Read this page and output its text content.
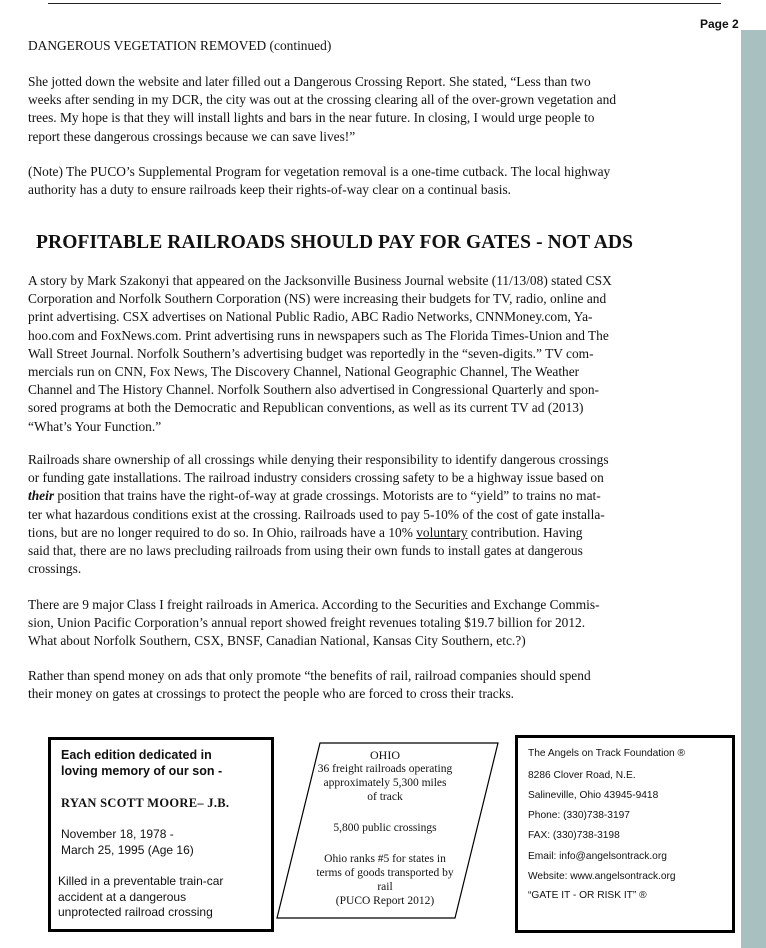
Page 2

DANGEROUS VEGETATION REMOVED (continued)

She jotted down the website and later filled out a Dangerous Crossing Report. She stated, “Less than two
weeks after sending in my DCR, the city was out at the crossing clearing all of the over-grown vegetation and
trees. My hope is that they will install lights and bars in the near future. In closing, I would urge people to
report these dangerous crossings because we can save lives!”

(Note) The PUCO’s Supplemental Program for vegetation removal is a one-time cutback. The local highway
authority has a duty to ensure railroads keep their rights-of-way clear on a continual basis.

PROFITABLE RAILROADS SHOULD PAY FOR GATES - NOT ADS

A story by Mark Szakonyi that appeared on the Jacksonville Business Journal website (11/13/08) stated CSX
Corporation and Norfolk Southern Corporation (NS) were increasing their budgets for TV, radio, online and
print advertising. CSX advertises on National Public Radio, ABC Radio Networks, CNNMoney.com, Ya-
hoo.com and FoxNews.com. Print advertising runs in newspapers such as The Florida Times-Union and The
Wall Street Journal. Norfolk Southern’s advertising budget was reportedly in the “seven-digits.” TV com-
mercials run on CNN, Fox News, The Discovery Channel, National Geographic Channel, The Weather
Channel and The History Channel. Norfolk Southern also advertised in Congressional Quarterly and spon-
sored programs at both the Democratic and Republican conventions, as well as its current TV ad (2013)
“What’s Your Function.”

Railroads share ownership of all crossings while denying their responsibility to identify dangerous crossings
or funding gate installations. The railroad industry considers crossing safety to be a highway issue based on
their position that trains have the right-of-way at grade crossings. Motorists are to “yield” to trains no mat-
ter what hazardous conditions exist at the crossing. Railroads used to pay 5-10% of the cost of gate installa-
tions, but are no longer required to do so. In Ohio, railroads have a 10% voluntary contribution. Having
said that, there are no laws precluding railroads from using their own funds to install gates at dangerous
crossings.

There are 9 major Class I freight railroads in America. According to the Securities and Exchange Commis-
sion, Union Pacific Corporation’s annual report showed freight revenues totaling $19.7 billion for 2012.
What about Norfolk Southern, CSX, BNSF, Canadian National, Kansas City Southern, etc.?)

Rather than spend money on ads that only promote “the benefits of rail, railroad companies should spend
their money on gates at crossings to protect the people who are forced to cross their tracks.

Each edition dedicated in
loving memory of our son -
RYAN SCOTT MOORE– J.B.
November 18, 1978 -
March 25, 1995 (Age 16)
Killed in a preventable train-car
accident at a dangerous
unprotected railroad crossing

OHIO

36 freight railroads operating
approximately 5,300 miles
of track

5,800 public crossings

Ohio ranks #5 for states in
terms of goods transported by
rail

(PUCO Report 2012)

The Angels on Track Foundation ®
8286 Clover Road, N.E.
Salineville, Ohio 43945-9418
Phone: (330)738-3197
FAX: (330)738-3198
Email: info@angelsontrack.org
Website: www.angelsontrack.org
“GATE IT - OR RISK IT” ®
